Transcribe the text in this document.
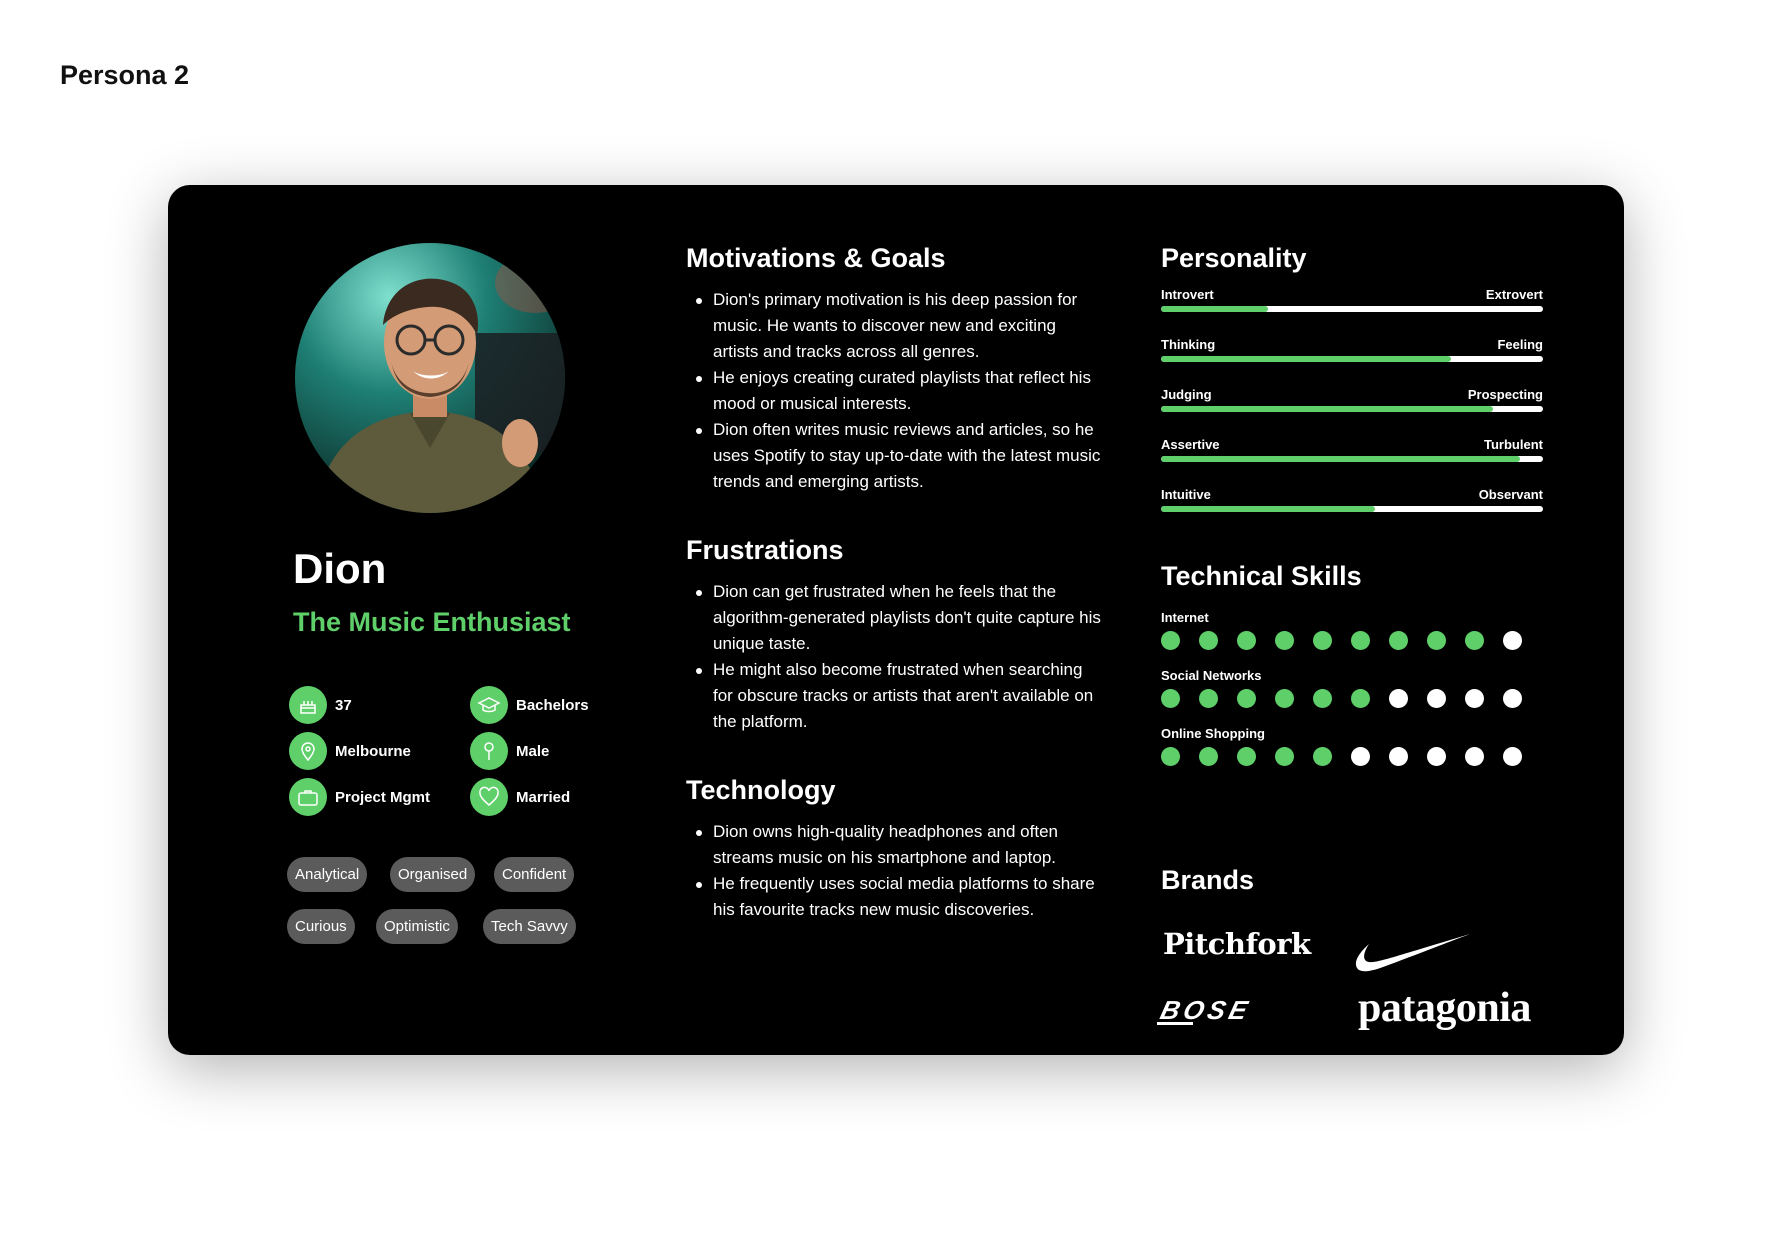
Persona 2
Dion
The Music Enthusiast
37	Bachelors
Melbourne	Male
Project Mgmt	Married
Analytical	Organised	Confident
Curious	Optimistic	Tech Savvy
Motivations & Goals
Dion's primary motivation is his deep passion for music. He wants to discover new and exciting artists and tracks across all genres.
He enjoys creating curated playlists that reflect his mood or musical interests.
Dion often writes music reviews and articles, so he uses Spotify to stay up-to-date with the latest music trends and emerging artists.
Frustrations
Dion can get frustrated when he feels that the algorithm-generated playlists don't quite capture his unique taste.
He might also become frustrated when searching for obscure tracks or artists that aren't available on the platform.
Technology
Dion owns high-quality headphones and often streams music on his smartphone and laptop.
He frequently uses social media platforms to share his favourite tracks new music discoveries.
Personality
Introvert	Extrovert
Thinking	Feeling
Judging	Prospecting
Assertive	Turbulent
Intuitive	Observant
Technical Skills
Internet
Social Networks
Online Shopping
Brands
Pitchfork
BOSE patagonia
